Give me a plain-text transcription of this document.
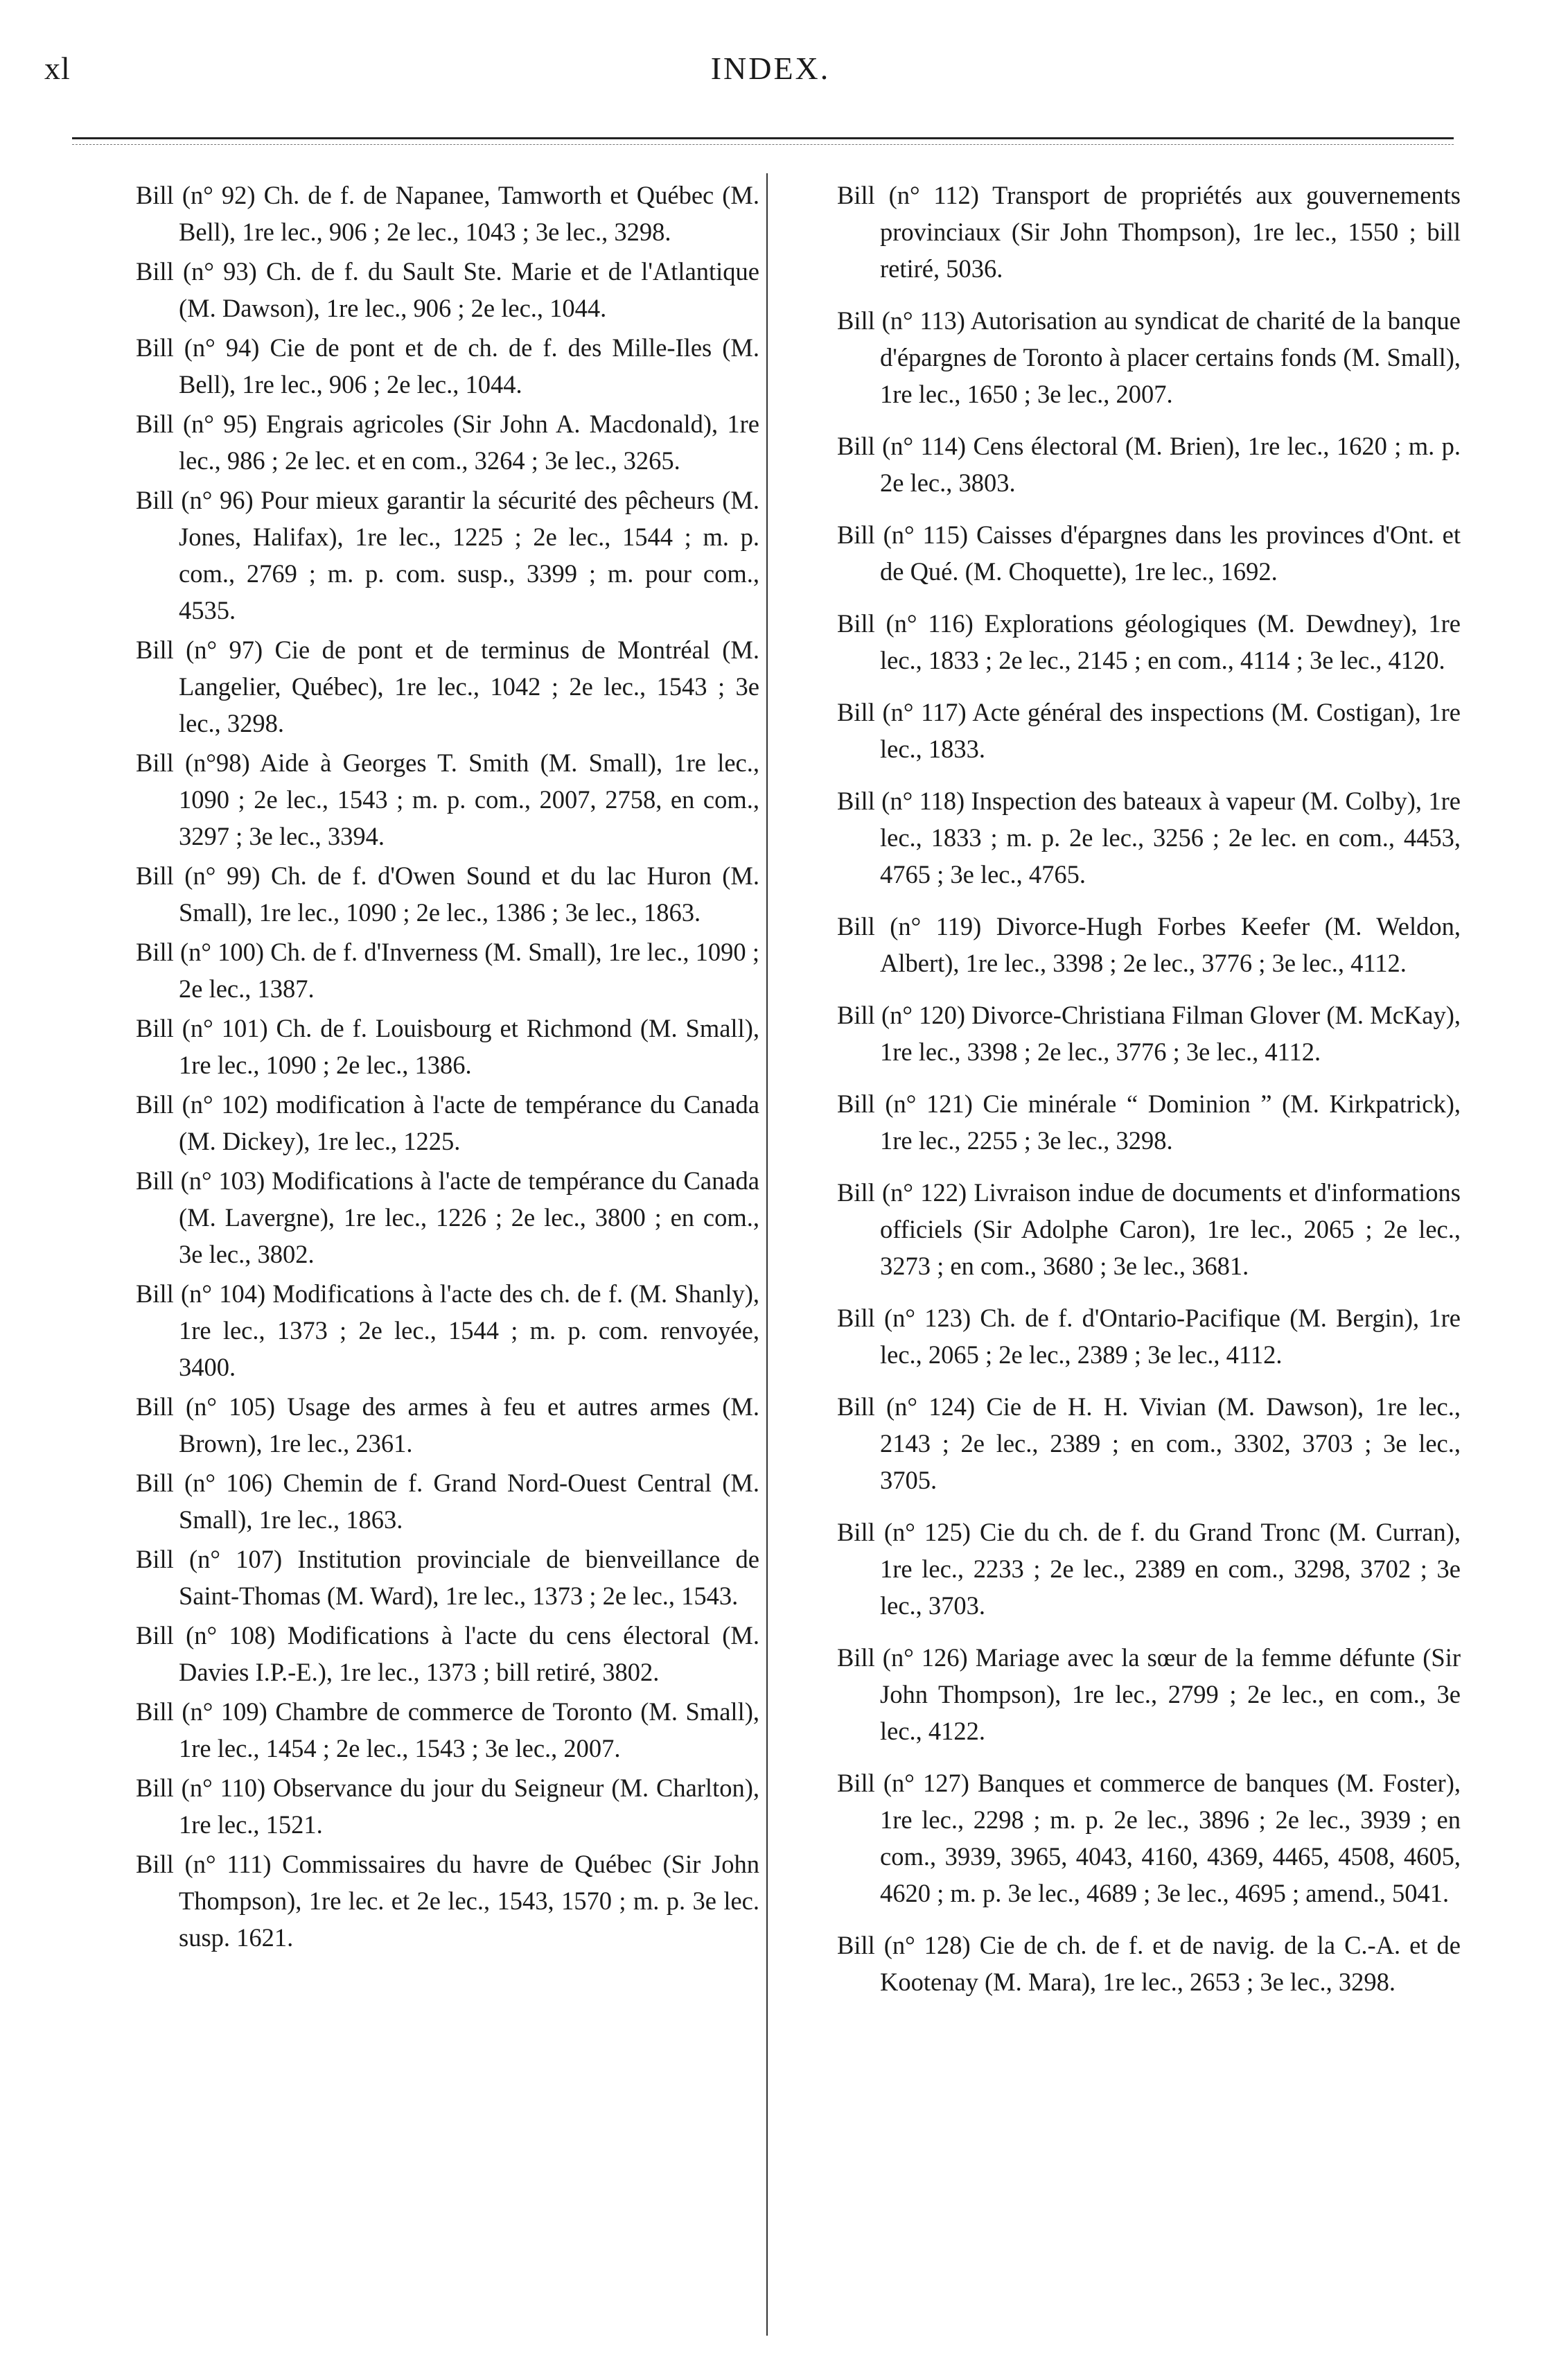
xl	INDEX.

Bill (n° 92) Ch. de f. de Napanee, Tamworth et Québec (M. Bell), 1re lec., 906 ; 2e lec., 1043 ; 3e lec., 3298.

Bill (n° 93) Ch. de f. du Sault Ste. Marie et de l'Atlantique (M. Dawson), 1re lec., 906 ; 2e lec., 1044.

Bill (n° 94) Cie de pont et de ch. de f. des Mille-Iles (M. Bell), 1re lec., 906 ; 2e lec., 1044.

Bill (n° 95) Engrais agricoles (Sir John A. Macdonald), 1re lec., 986 ; 2e lec. et en com., 3264 ; 3e lec., 3265.

Bill (n° 96) Pour mieux garantir la sécurité des pêcheurs (M. Jones, Halifax), 1re lec., 1225 ; 2e lec., 1544 ; m. p. com., 2769 ; m. p. com. susp., 3399 ; m. pour com., 4535.

Bill (n° 97) Cie de pont et de terminus de Montréal (M. Langelier, Québec), 1re lec., 1042 ; 2e lec., 1543 ; 3e lec., 3298.

Bill (n°98) Aide à Georges T. Smith (M. Small), 1re lec., 1090 ; 2e lec., 1543 ; m. p. com., 2007, 2758, en com., 3297 ; 3e lec., 3394.

Bill (n° 99) Ch. de f. d'Owen Sound et du lac Huron (M. Small), 1re lec., 1090 ; 2e lec., 1386 ; 3e lec., 1863.

Bill (n° 100) Ch. de f. d'Inverness (M. Small), 1re lec., 1090 ; 2e lec., 1387.

Bill (n° 101) Ch. de f. Louisbourg et Richmond (M. Small), 1re lec., 1090 ; 2e lec., 1386.

Bill (n° 102) modification à l'acte de tempérance du Canada (M. Dickey), 1re lec., 1225.

Bill (n° 103) Modifications à l'acte de tempérance du Canada (M. Lavergne), 1re lec., 1226 ; 2e lec., 3800 ; en com., 3e lec., 3802.

Bill (n° 104) Modifications à l'acte des ch. de f. (M. Shanly), 1re lec., 1373 ; 2e lec., 1544 ; m. p. com. renvoyée, 3400.

Bill (n° 105) Usage des armes à feu et autres armes (M. Brown), 1re lec., 2361.

Bill (n° 106) Chemin de f. Grand Nord-Ouest Central (M. Small), 1re lec., 1863.

Bill (n° 107) Institution provinciale de bienveillance de Saint-Thomas (M. Ward), 1re lec., 1373 ; 2e lec., 1543.

Bill (n° 108) Modifications à l'acte du cens électoral (M. Davies I.P.-E.), 1re lec., 1373 ; bill retiré, 3802.

Bill (n° 109) Chambre de commerce de Toronto (M. Small), 1re lec., 1454 ; 2e lec., 1543 ; 3e lec., 2007.

Bill (n° 110) Observance du jour du Seigneur (M. Charlton), 1re lec., 1521.

Bill (n° 111) Commissaires du havre de Québec (Sir John Thompson), 1re lec. et 2e lec., 1543, 1570 ; m. p. 3e lec. susp. 1621.

Bill (n° 112) Transport de propriétés aux gouvernements provinciaux (Sir John Thompson), 1re lec., 1550 ; bill retiré, 5036.

Bill (n° 113) Autorisation au syndicat de charité de la banque d'épargnes de Toronto à placer certains fonds (M. Small), 1re lec., 1650 ; 3e lec., 2007.

Bill (n° 114) Cens électoral (M. Brien), 1re lec., 1620 ; m. p. 2e lec., 3803.

Bill (n° 115) Caisses d'épargnes dans les provinces d'Ont. et de Qué. (M. Choquette), 1re lec., 1692.

Bill (n° 116) Explorations géologiques (M. Dewdney), 1re lec., 1833 ; 2e lec., 2145 ; en com., 4114 ; 3e lec., 4120.

Bill (n° 117) Acte général des inspections (M. Costigan), 1re lec., 1833.

Bill (n° 118) Inspection des bateaux à vapeur (M. Colby), 1re lec., 1833 ; m. p. 2e lec., 3256 ; 2e lec. en com., 4453, 4765 ; 3e lec., 4765.

Bill (n° 119) Divorce-Hugh Forbes Keefer (M. Weldon, Albert), 1re lec., 3398 ; 2e lec., 3776 ; 3e lec., 4112.

Bill (n° 120) Divorce-Christiana Filman Glover (M. McKay), 1re lec., 3398 ; 2e lec., 3776 ; 3e lec., 4112.

Bill (n° 121) Cie minérale “ Dominion ” (M. Kirkpatrick), 1re lec., 2255 ; 3e lec., 3298.

Bill (n° 122) Livraison indue de documents et d'informations officiels (Sir Adolphe Caron), 1re lec., 2065 ; 2e lec., 3273 ; en com., 3680 ; 3e lec., 3681.

Bill (n° 123) Ch. de f. d'Ontario-Pacifique (M. Bergin), 1re lec., 2065 ; 2e lec., 2389 ; 3e lec., 4112.

Bill (n° 124) Cie de H. H. Vivian (M. Dawson), 1re lec., 2143 ; 2e lec., 2389 ; en com., 3302, 3703 ; 3e lec., 3705.

Bill (n° 125) Cie du ch. de f. du Grand Tronc (M. Curran), 1re lec., 2233 ; 2e lec., 2389 en com., 3298, 3702 ; 3e lec., 3703.

Bill (n° 126) Mariage avec la sœur de la femme défunte (Sir John Thompson), 1re lec., 2799 ; 2e lec., en com., 3e lec., 4122.

Bill (n° 127) Banques et commerce de banques (M. Foster), 1re lec., 2298 ; m. p. 2e lec., 3896 ; 2e lec., 3939 ; en com., 3939, 3965, 4043, 4160, 4369, 4465, 4508, 4605, 4620 ; m. p. 3e lec., 4689 ; 3e lec., 4695 ; amend., 5041.

Bill (n° 128) Cie de ch. de f. et de navig. de la C.-A. et de Kootenay (M. Mara), 1re lec., 2653 ; 3e lec., 3298.
